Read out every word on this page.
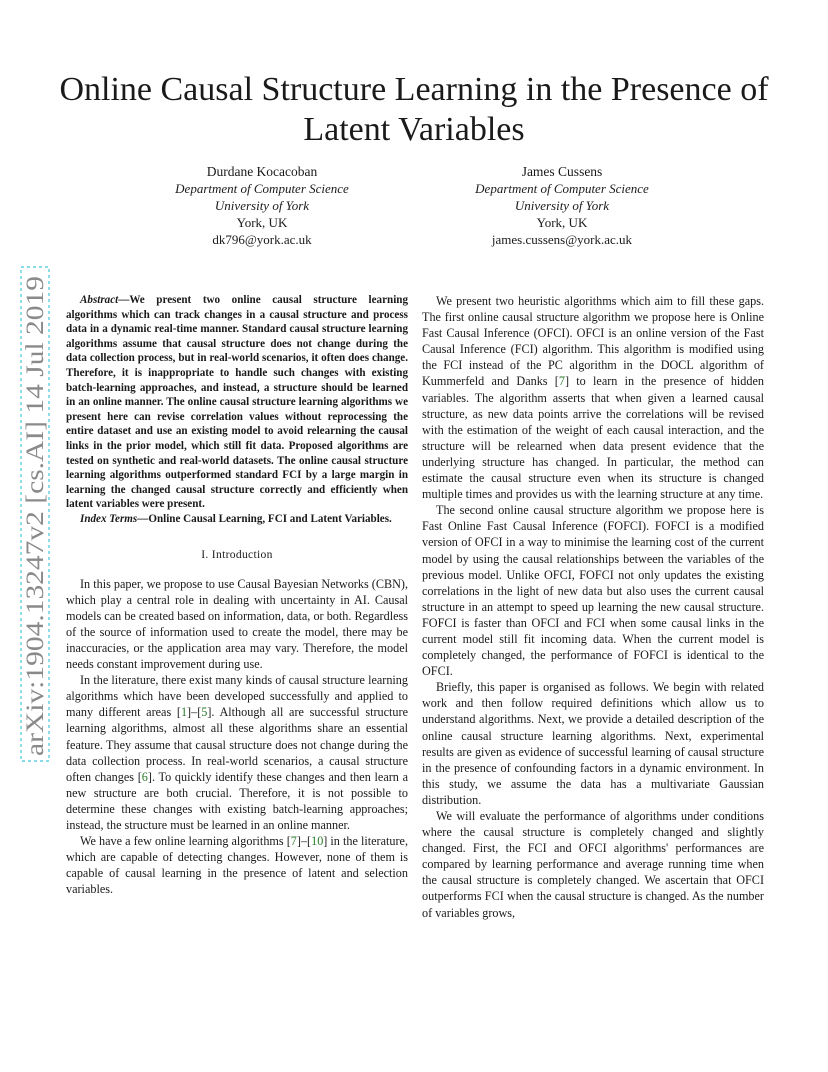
arXiv:1904.13247v2 [cs.AI] 14 Jul 2019
Online Causal Structure Learning in the Presence of
Latent Variables
Durdane Kocacoban
Department of Computer Science
University of York
York, UK
dk796@york.ac.uk
James Cussens
Department of Computer Science
University of York
York, UK
james.cussens@york.ac.uk

Abstract—We present two online causal structure learning algorithms which can track changes in a causal structure and process data in a dynamic real-time manner. Standard causal structure learning algorithms assume that causal structure does not change during the data collection process, but in real-world scenarios, it often does change. Therefore, it is inappropriate to handle such changes with existing batch-learning approaches, and instead, a structure should be learned in an online manner. The online causal structure learning algorithms we present here can revise correlation values without reprocessing the entire dataset and use an existing model to avoid relearning the causal links in the prior model, which still fit data. Proposed algorithms are tested on synthetic and real-world datasets. The online causal structure learning algorithms outperformed standard FCI by a large margin in learning the changed causal structure correctly and efficiently when latent variables were present.

Index Terms—Online Causal Learning, FCI and Latent Variables.

I. Introduction

In this paper, we propose to use Causal Bayesian Networks (CBN), which play a central role in dealing with uncertainty in AI. Causal models can be created based on information, data, or both. Regardless of the source of information used to create the model, there may be inaccuracies, or the application area may vary. Therefore, the model needs constant improvement during use.

In the literature, there exist many kinds of causal structure learning algorithms which have been developed successfully and applied to many different areas [1]–[5]. Although all are successful structure learning algorithms, almost all these algorithms share an essential feature. They assume that causal structure does not change during the data collection process. In real-world scenarios, a causal structure often changes [6]. To quickly identify these changes and then learn a new structure are both crucial. Therefore, it is not possible to determine these changes with existing batch-learning approaches; instead, the structure must be learned in an online manner.

We have a few online learning algorithms [7]–[10] in the literature, which are capable of detecting changes. However, none of them is capable of causal learning in the presence of latent and selection variables.

We present two heuristic algorithms which aim to fill these gaps. The first online causal structure algorithm we propose here is Online Fast Causal Inference (OFCI). OFCI is an online version of the Fast Causal Inference (FCI) algorithm. This algorithm is modified using the FCI instead of the PC algorithm in the DOCL algorithm of Kummerfeld and Danks [7] to learn in the presence of hidden variables. The algorithm asserts that when given a learned causal structure, as new data points arrive the correlations will be revised with the estimation of the weight of each causal interaction, and the structure will be relearned when data present evidence that the underlying structure has changed. In particular, the method can estimate the causal structure even when its structure is changed multiple times and provides us with the learning structure at any time.

The second online causal structure algorithm we propose here is Fast Online Fast Causal Inference (FOFCI). FOFCI is a modified version of OFCI in a way to minimise the learning cost of the current model by using the causal relationships between the variables of the previous model. Unlike OFCI, FOFCI not only updates the existing correlations in the light of new data but also uses the current causal structure in an attempt to speed up learning the new causal structure. FOFCI is faster than OFCI and FCI when some causal links in the current model still fit incoming data. When the current model is completely changed, the performance of FOFCI is identical to the OFCI.

Briefly, this paper is organised as follows. We begin with related work and then follow required definitions which allow us to understand algorithms. Next, we provide a detailed description of the online causal structure learning algorithms. Next, experimental results are given as evidence of successful learning of causal structure in the presence of confounding factors in a dynamic environment. In this study, we assume the data has a multivariate Gaussian distribution.

We will evaluate the performance of algorithms under conditions where the causal structure is completely changed and slightly changed. First, the FCI and OFCI algorithms' performances are compared by learning performance and average running time when the causal structure is completely changed. We ascertain that OFCI outperforms FCI when the causal structure is changed. As the number of variables grows,
